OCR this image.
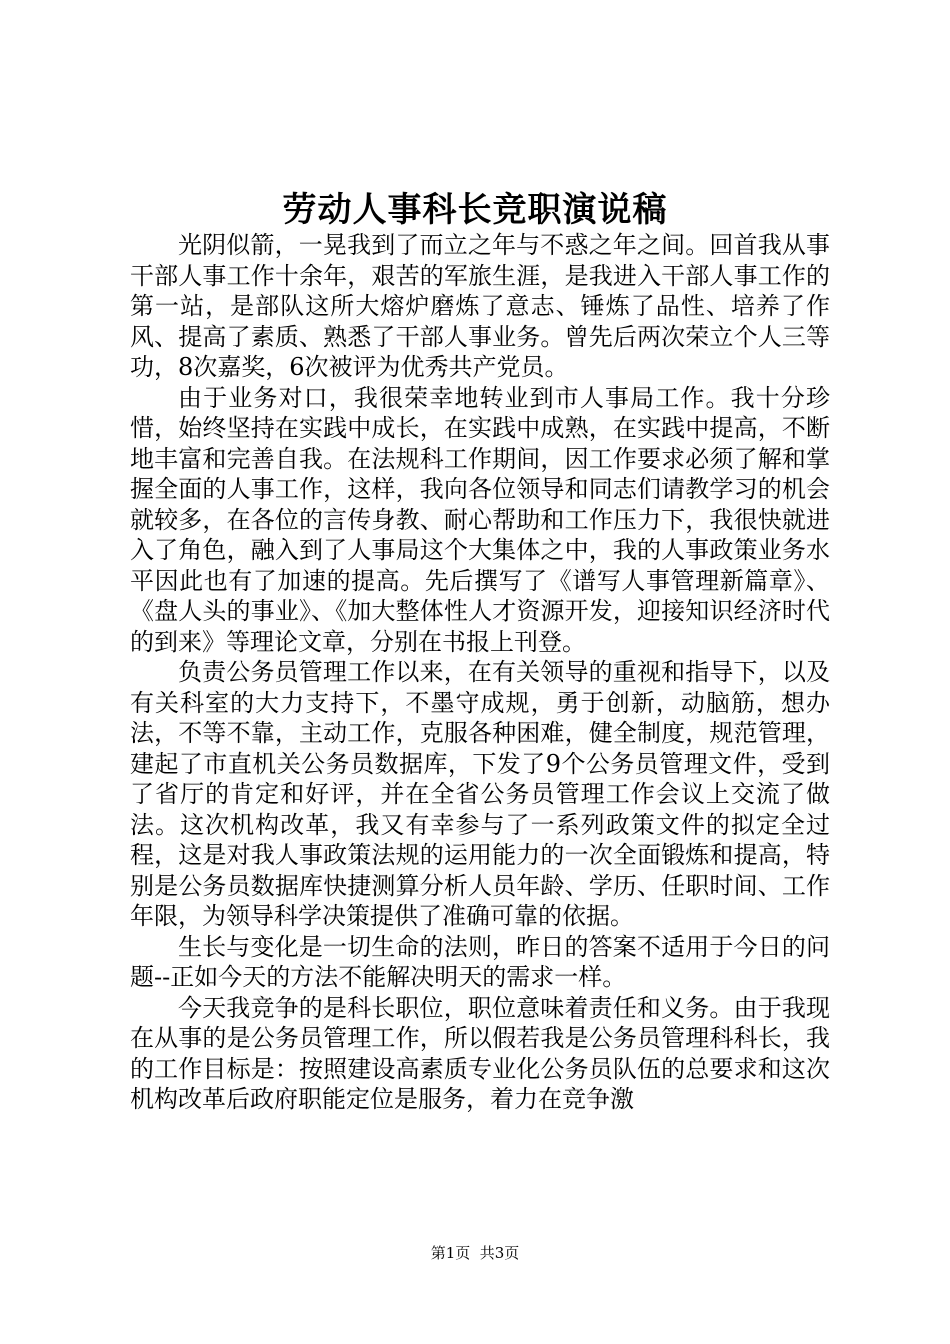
劳动人事科长竞职演说稿

光阴似箭，一晃我到了而立之年与不惑之年之间。回首我从事干部人事工作十余年，艰苦的军旅生涯，是我进入干部人事工作的第一站，是部队这所大熔炉磨炼了意志、锤炼了品性、培养了作风、提高了素质、熟悉了干部人事业务。曾先后两次荣立个人三等功，8次嘉奖，6次被评为优秀共产党员。

由于业务对口，我很荣幸地转业到市人事局工作。我十分珍惜，始终坚持在实践中成长，在实践中成熟，在实践中提高，不断地丰富和完善自我。在法规科工作期间，因工作要求必须了解和掌握全面的人事工作，这样，我向各位领导和同志们请教学习的机会就较多，在各位的言传身教、耐心帮助和工作压力下，我很快就进入了角色，融入到了人事局这个大集体之中，我的人事政策业务水平因此也有了加速的提高。先后撰写了《谱写人事管理新篇章》、《盘人头的事业》、《加大整体性人才资源开发，迎接知识经济时代的到来》等理论文章，分别在书报上刊登。

负责公务员管理工作以来，在有关领导的重视和指导下，以及有关科室的大力支持下，不墨守成规，勇于创新，动脑筋，想办法，不等不靠，主动工作，克服各种困难，健全制度，规范管理，建起了市直机关公务员数据库，下发了9个公务员管理文件，受到了省厅的肯定和好评，并在全省公务员管理工作会议上交流了做法。这次机构改革，我又有幸参与了一系列政策文件的拟定全过程，这是对我人事政策法规的运用能力的一次全面锻炼和提高，特别是公务员数据库快捷测算分析人员年龄、学历、任职时间、工作年限，为领导科学决策提供了准确可靠的依据。

生长与变化是一切生命的法则，昨日的答案不适用于今日的问题--正如今天的方法不能解决明天的需求一样。

今天我竞争的是科长职位，职位意味着责任和义务。由于我现在从事的是公务员管理工作，所以假若我是公务员管理科科长，我的工作目标是：按照建设高素质专业化公务员队伍的总要求和这次机构改革后政府职能定位是服务，着力在竞争激

第1页  共3页
